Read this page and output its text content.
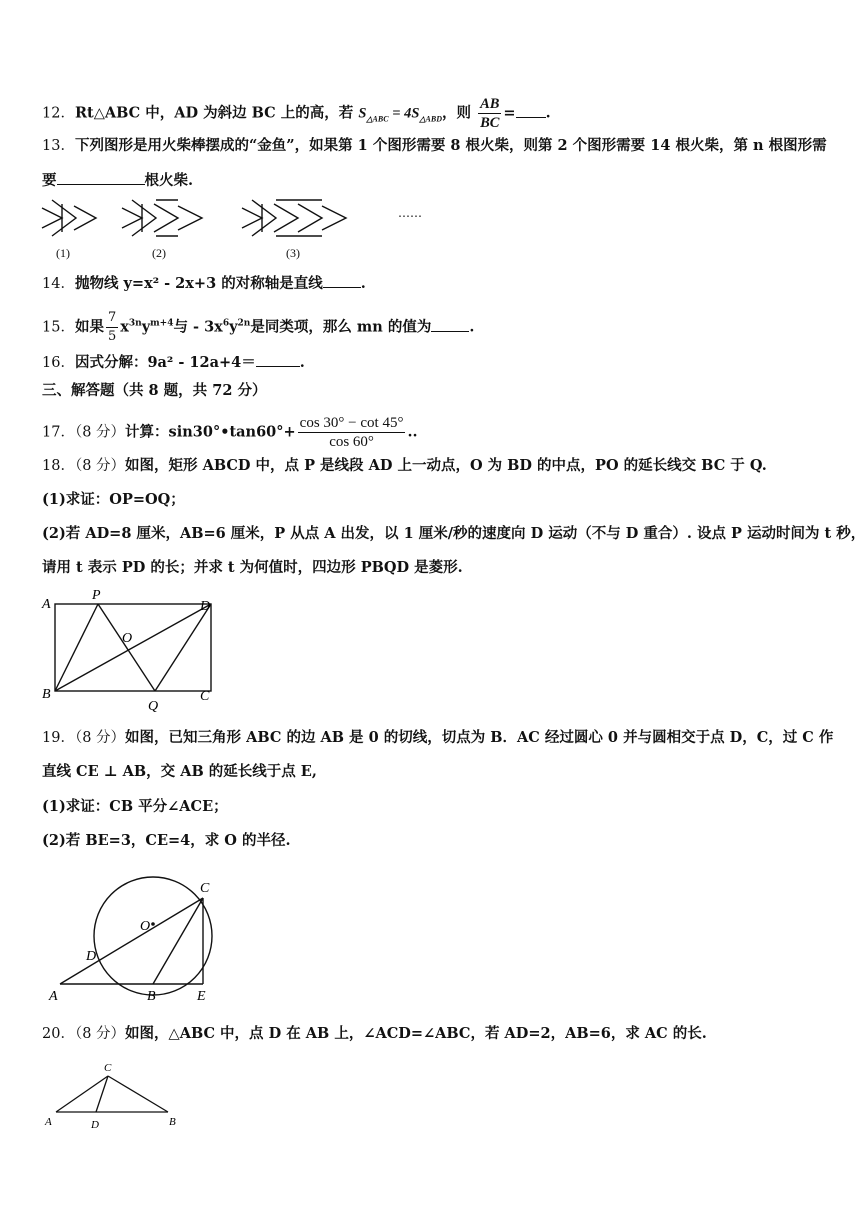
12．Rt△ABC 中，AD 为斜边 BC 上的高，若 $S_{\triangle ABC} = 4S_{\triangle ABD}$，则 $\frac{AB}{BC}$ = .
13．下列图形是用火柴棒摆成的“金鱼”，如果第 1 个图形需要 8 根火柴，则第 2 个图形需要 14 根火柴，第 n 根图形需
要	根火柴.
(1)	(2)	(3)
……
14．抛物线 y=x² - 2x+3 的对称轴是直线	.
15．如果 $\frac{7}{5} x^{3n}y^{m+4}$与 - $3x^6y^{2n}$是同类项，那么 mn 的值为	.
16．因式分解：9a² - 12a+4＝	.
三、解答题（共 8 题，共 72 分）
17．（8 分）计算：sin30°•tan60°+ $\frac{\cos 30^\circ - \cot 45^\circ}{\cos 60^\circ}$ ..
18．（8 分）如图，矩形 ABCD 中，点 P 是线段 AD 上一动点，O 为 BD 的中点，PO 的延长线交 BC 于 Q.
(1)求证：OP=OQ；
(2)若 AD=8 厘米，AB=6 厘米，P 从点 A 出发，以 1 厘米/秒的速度向 D 运动（不与 D 重合）. 设点 P 运动时间为 t 秒，
请用 t 表示 PD 的长；并求 t 为何值时，四边形 PBQD 是菱形.
A
P
D
O
B
Q
C
19．（8 分）如图，已知三角形 ABC 的边 AB 是 0 的切线，切点为 B．AC 经过圆心 0 并与圆相交于点 D，C，过 C 作
直线 CE ⊥ AB，交 AB 的延长线于点 E,
(1)求证：CB 平分∠ACE；
(2)若 BE=3，CE=4，求 O 的半径.
C
O
D
A	B	E
20．（8 分）如图，△ABC 中，点 D 在 AB 上，∠ACD=∠ABC，若 AD=2，AB=6，求 AC 的长.
C
A	D	B
